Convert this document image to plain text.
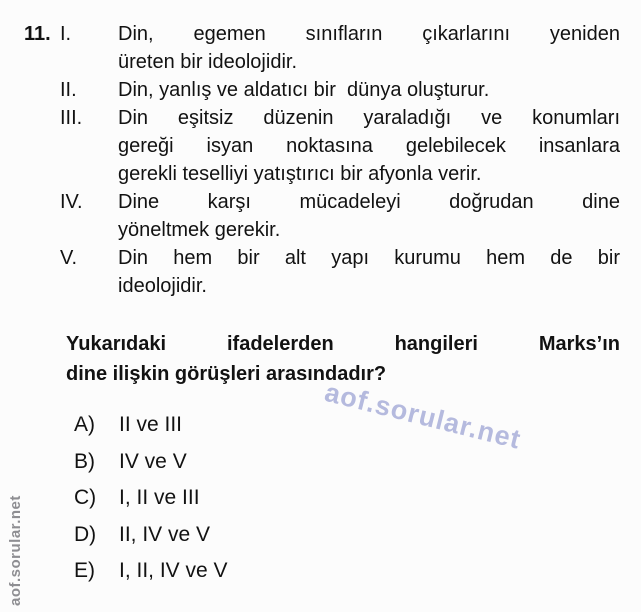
aof.sorular.net
aof.sorular.net
11. I. Din, egemen sınıfların çıkarlarını yeniden
üreten bir ideolojidir.
II. Din, yanlış ve aldatıcı bir  dünya oluşturur.
III. Din eşitsiz düzenin yaraladığı ve konumları
gereği isyan noktasına gelebilecek insanlara
gerekli teselliyi yatıştırıcı bir afyonla verir.
IV. Dine karşı mücadeleyi doğrudan dine
yöneltmek gerekir.
V. Din hem bir alt yapı kurumu hem de bir
ideolojidir.
Yukarıdaki ifadelerden hangileri Marks’ın
dine ilişkin görüşleri arasındadır?
A) II ve III
B) IV ve V
C) I, II ve III
D) II, IV ve V
E) I, II, IV ve V
